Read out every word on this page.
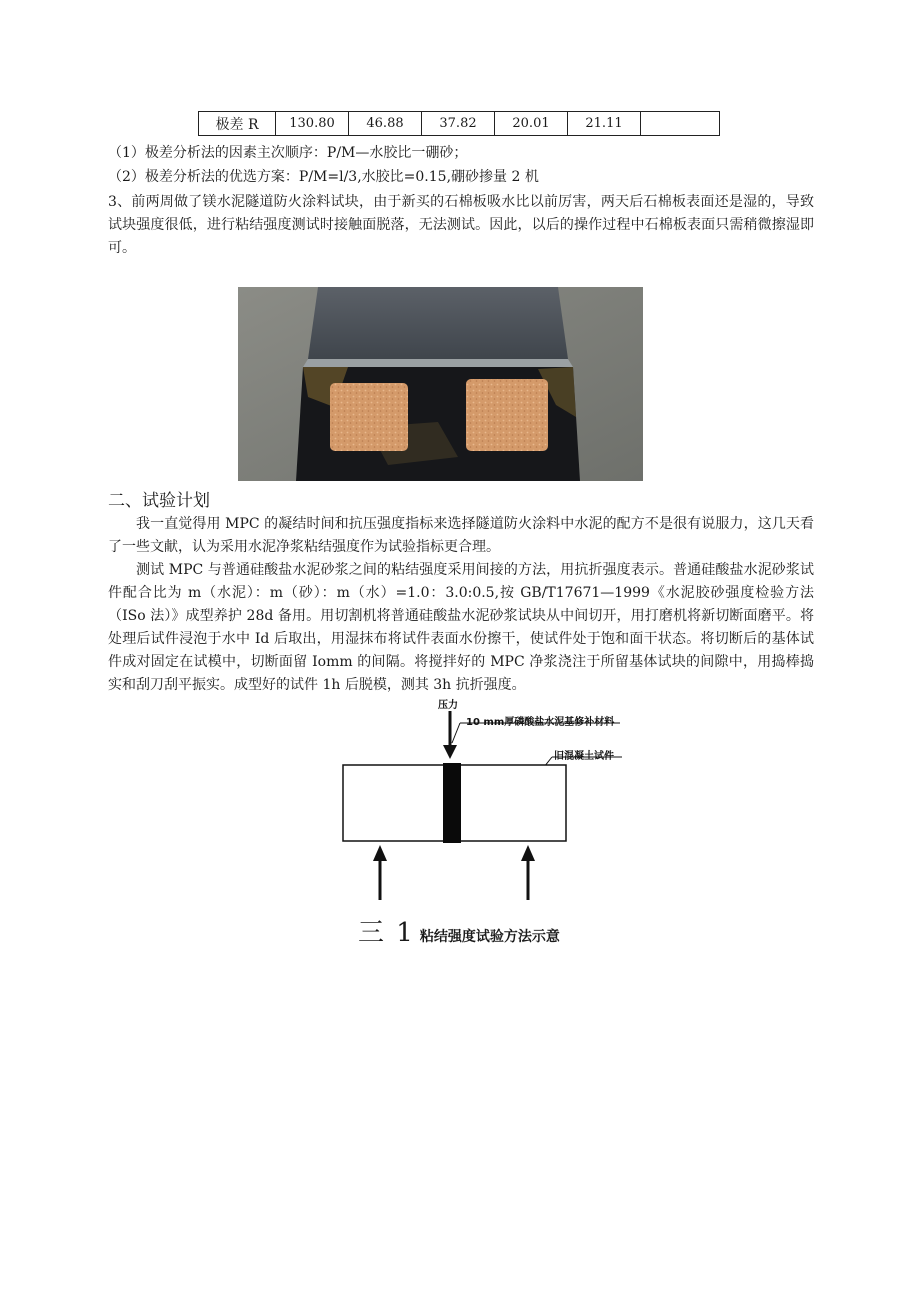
极差 R	130.80	46.88	37.82	20.01	21.11	
（1）极差分析法的因素主次顺序：P/M—水胶比一硼砂；
（2）极差分析法的优选方案：P/M=l/3,水胶比=0.15,硼砂掺量 2 机
3、前两周做了镁水泥隧道防火涂料试块，由于新买的石棉板吸水比以前厉害，两天后石棉板表面还是湿的，导致试块强度很低，进行粘结强度测试时接触面脱落，无法测试。因此，以后的操作过程中石棉板表面只需稍微擦湿即可。
二、试验计划
我一直觉得用 MPC 的凝结时间和抗压强度指标来选择隧道防火涂料中水泥的配方不是很有说服力，这几天看了一些文献，认为采用水泥净浆粘结强度作为试验指标更合理。
测试 MPC 与普通硅酸盐水泥砂浆之间的粘结强度采用间接的方法，用抗折强度表示。普通硅酸盐水泥砂浆试件配合比为 m（水泥）：m（砂）：m（水）=1.0：3.0:0.5,按 GB/T17671—1999《水泥胶砂强度检验方法（ISo 法）》成型养护 28d 备用。用切割机将普通硅酸盐水泥砂浆试块从中间切开，用打磨机将新切断面磨平。将处理后试件浸泡于水中 Id 后取出，用湿抹布将试件表面水份擦干，使试件处于饱和面干状态。将切断后的基体试件成对固定在试模中，切断面留 Iomm 的间隔。将搅拌好的 MPC 净浆浇注于所留基体试块的间隙中，用捣棒捣实和刮刀刮平振实。成型好的试件 1h 后脱模，测其 3h 抗折强度。
压力
10 mm厚磷酸盐水泥基修补材料
旧混凝土试件
三 1 粘结强度试验方法示意
